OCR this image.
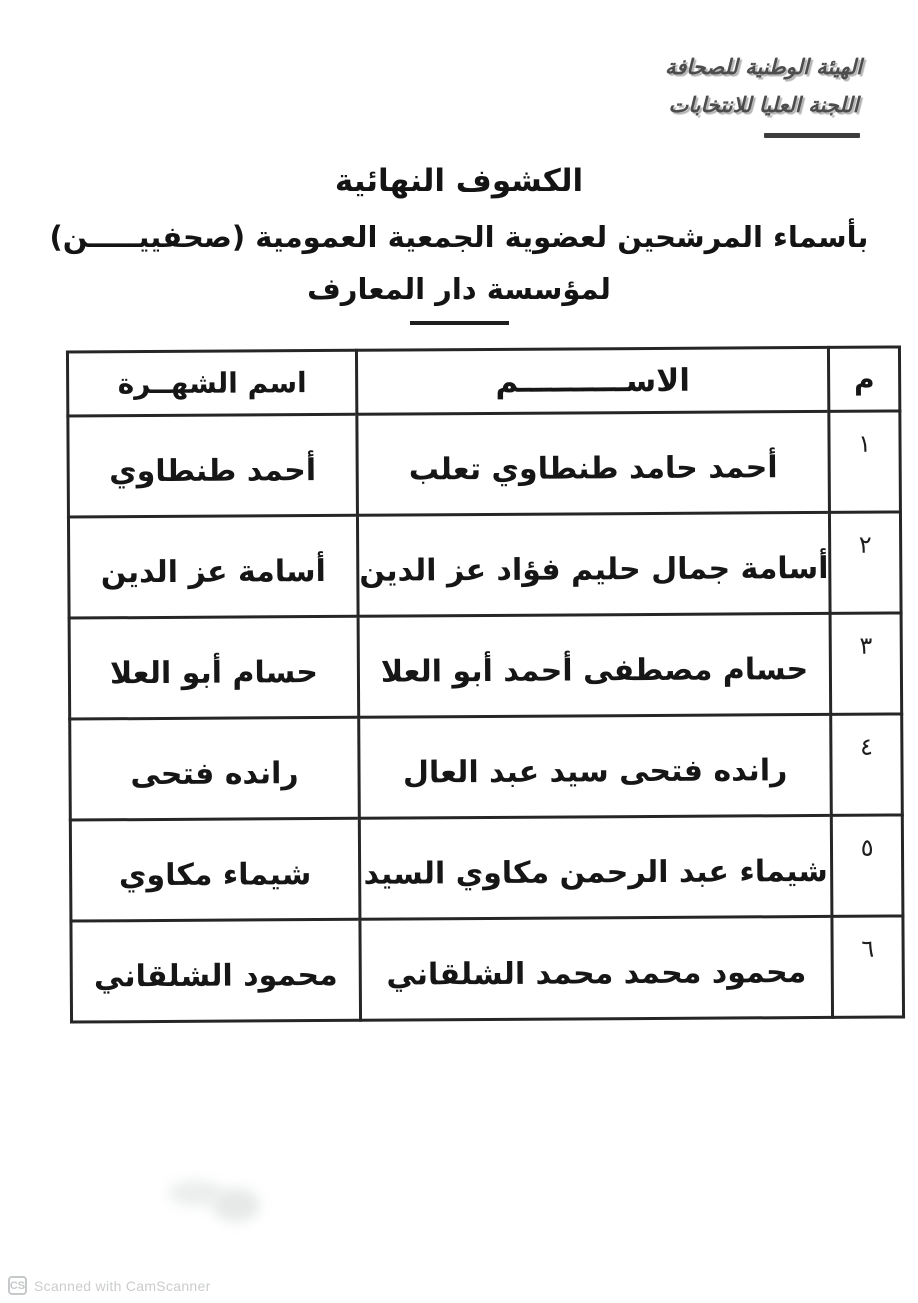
الهيئة الوطنية للصحافة
اللجنة العليا للانتخابات
الكشوف النهائية
بأسماء المرشحين لعضوية الجمعية العمومية (صحفييـــــن)
لمؤسسة دار المعارف
م	الاســــــــــم	اسم الشهــرة
١	أحمد حامد طنطاوي تعلب	أحمد طنطاوي
٢	أسامة جمال حليم فؤاد عز الدين	أسامة عز الدين
٣	حسام مصطفى أحمد أبو العلا	حسام أبو العلا
٤	رانده فتحى سيد عبد العال	رانده فتحى
٥	شيماء عبد الرحمن مكاوي السيد	شيماء مكاوي
٦	محمود محمد محمد الشلقاني	محمود الشلقاني
CS Scanned with CamScanner
